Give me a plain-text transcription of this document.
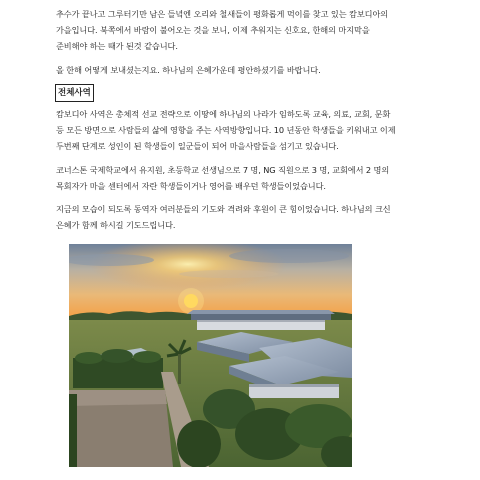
추수가 끝나고 그루터기만 남은 들녘엔 오리와 철새들이 평화롭게 먹이를 찾고 있는 캄보디아의
가을입니다. 북쪽에서 바람이 불어오는 것을 보니, 이제 추워지는 신호요, 한해의 마지막을
준비해야 하는 때가 된것 같습니다.

올 한해 어떻게 보내셨는지요. 하나님의 은혜가운데 평안하셨기를 바랍니다.

전체사역

캄보디아 사역은 총체적 선교 전략으로 이땅에 하나님의 나라가 임하도록 교육, 의료, 교회, 문화
등 모든 방면으로 사람들의 삶에 영향을 주는 사역방향입니다. 10 년동안 학생들을 키워내고 이제
두번째 단계로 성인이 된 학생들이 일군들이 되어 마을사람들을 섬기고 있습니다.

코너스톤 국제학교에서 유지원, 초등학교 선생님으로 7 명, NG 직원으로 3 명, 교회에서 2 명의
목회자가 마을 센터에서 자란 학생들이거나 영어를 배우던 학생들이었습니다.

지금의 모습이 되도록 동역자 여러분들의 기도와 격려와 후원이 큰 힘이었습니다. 하나님의 크신
은혜가 함께 하시길 기도드립니다.
